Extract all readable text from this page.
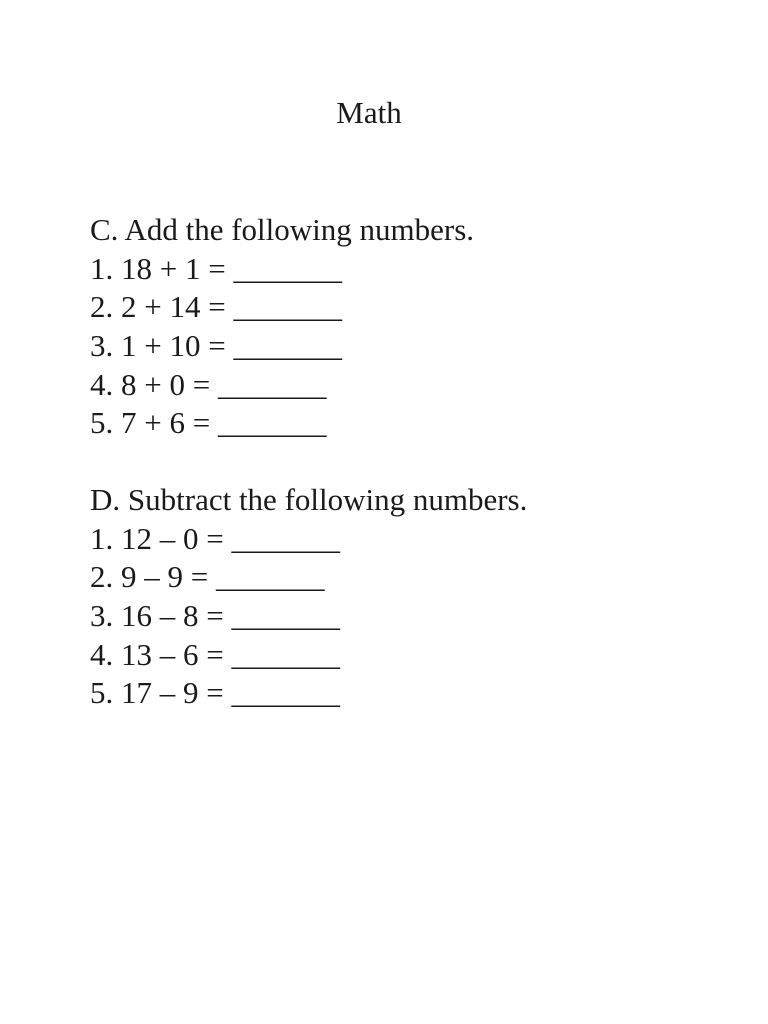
Math
C. Add the following numbers.
1. 18 + 1 = _______
2. 2 + 14 = _______
3. 1 + 10 = _______
4. 8 + 0 = _______
5. 7 + 6 = _______
D. Subtract the following numbers.
1. 12 – 0 = _______
2. 9 – 9 = _______
3. 16 – 8 = _______
4. 13 – 6 = _______
5. 17 – 9 = _______
